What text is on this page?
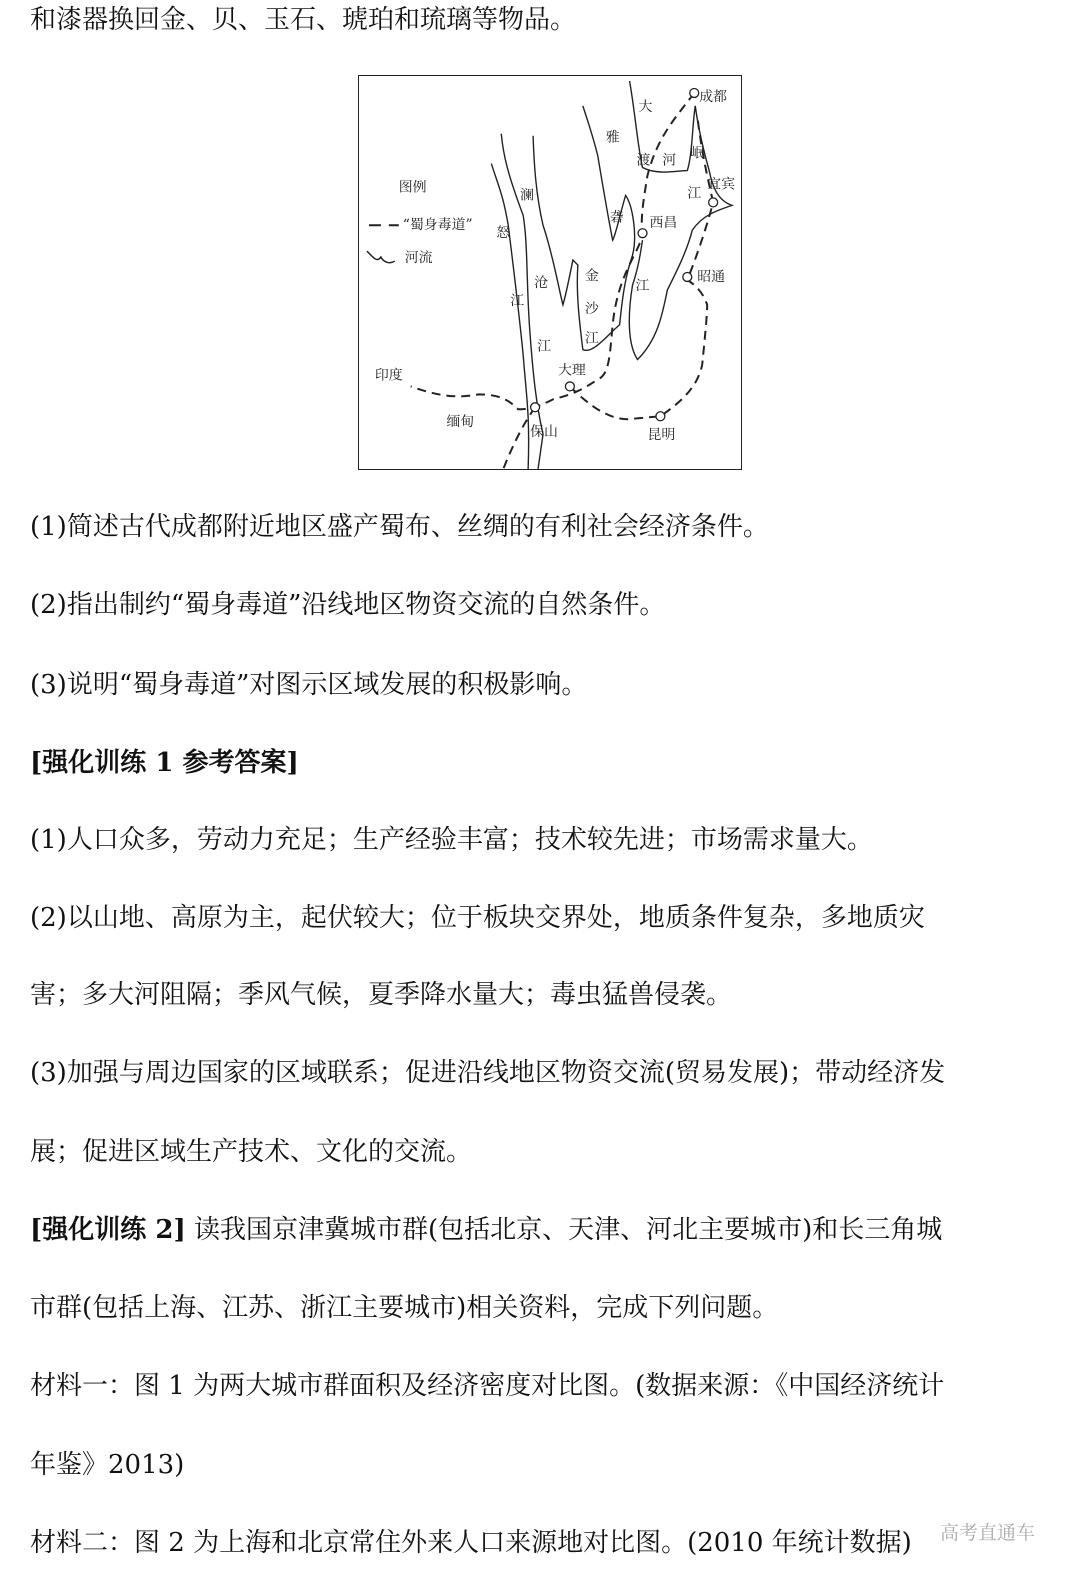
和漆器换回金、贝、玉石、琥珀和琉璃等物品。
图例
“蜀身毒道”
河流
成都
宜宾
西昌
昭通
大理
保山	昆明
印度
缅甸
大
渡 河
雅
砻
江
岷
江
澜
沧
江
怒
江
金
沙
江
(1)简述古代成都附近地区盛产蜀布、丝绸的有利社会经济条件。
(2)指出制约“蜀身毒道”沿线地区物资交流的自然条件。
(3)说明“蜀身毒道”对图示区域发展的积极影响。
[强化训练 1 参考答案]
(1)人口众多，劳动力充足；生产经验丰富；技术较先进；市场需求量大。
(2)以山地、高原为主，起伏较大；位于板块交界处，地质条件复杂，多地质灾
害；多大河阻隔；季风气候，夏季降水量大；毒虫猛兽侵袭。
(3)加强与周边国家的区域联系；促进沿线地区物资交流(贸易发展)；带动经济发
展；促进区域生产技术、文化的交流。
[强化训练 2] 读我国京津冀城市群(包括北京、天津、河北主要城市)和长三角城
市群(包括上海、江苏、浙江主要城市)相关资料，完成下列问题。
材料一：图 1 为两大城市群面积及经济密度对比图。(数据来源：《中国经济统计
年鉴》2013)
材料二：图 2 为上海和北京常住外来人口来源地对比图。(2010 年统计数据) 高考直通车
